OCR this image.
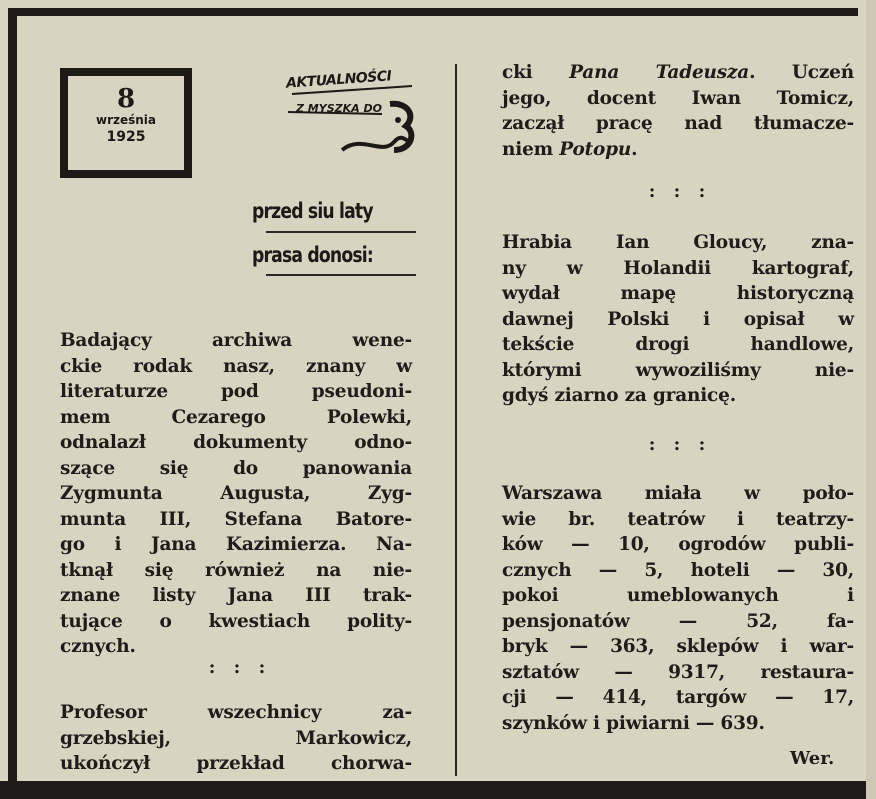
8
września
1925
AKTUALNOŚCI
Z MYSZKĄ DO
przed siu laty
prasa donosi:
Badający archiwa wene-
ckie rodak nasz, znany w
literaturze pod pseudoni-
mem Cezarego Polewki,
odnalazł dokumenty odno-
szące się do panowania
Zygmunta Augusta, Zyg-
munta III, Stefana Batore-
go i Jana Kazimierza. Na-
tknął się również na nie-
znane listy Jana III trak-
tujące o kwestiach polity-
cznych.
: : :
Profesor wszechnicy za-
grzebskiej, Markowicz,
ukończył przekład chorwa-
cki Pana Tadeusza. Uczeń
jego, docent Iwan Tomicz,
zaczął pracę nad tłumacze-
niem Potopu.
: : :
Hrabia Ian Gloucy, zna-
ny w Holandii kartograf,
wydał mapę historyczną
dawnej Polski i opisał w
tekście drogi handlowe,
którymi wywoziliśmy nie-
gdyś ziarno za granicę.
: : :
Warszawa miała w poło-
wie br. teatrów i teatrzy-
ków — 10, ogrodów publi-
cznych — 5, hoteli — 30,
pokoi umeblowanych i
pensjonatów — 52, fa-
bryk — 363, sklepów i war-
sztatów — 9317, restaura-
cji — 414, targów — 17,
szynków i piwiarni — 639.
Wer.
